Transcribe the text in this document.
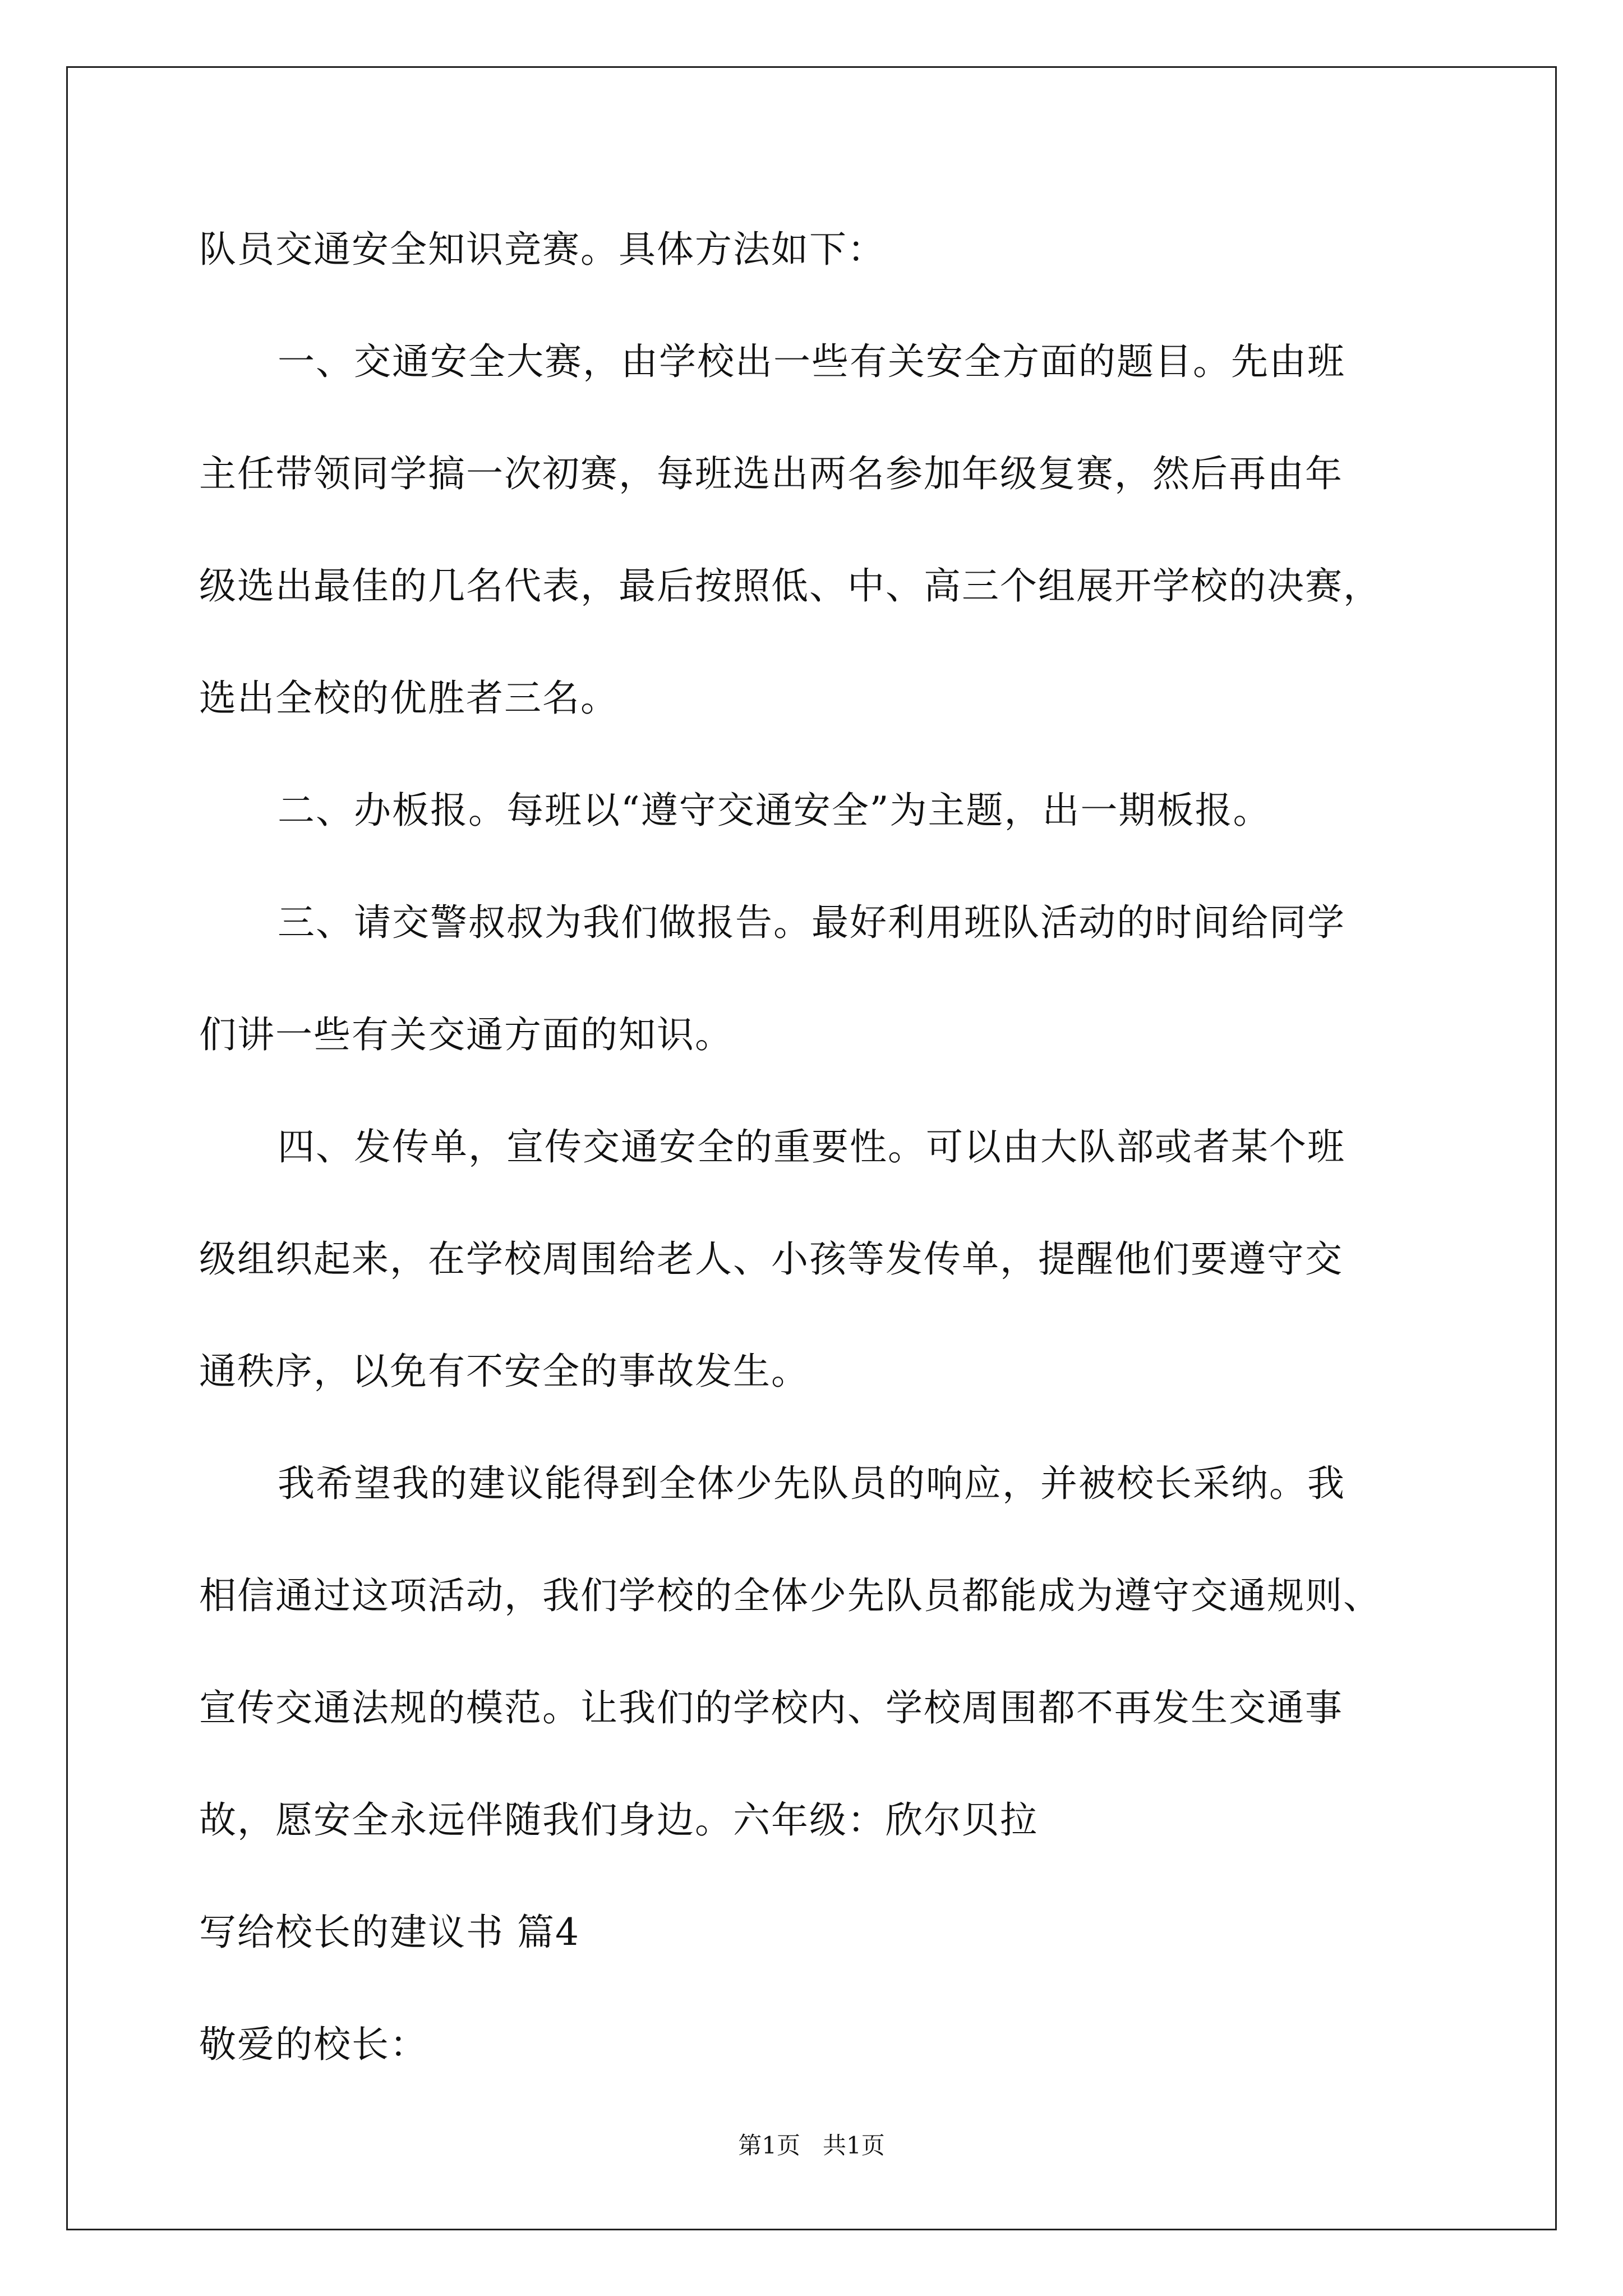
队员交通安全知识竞赛。具体方法如下：

一、交通安全大赛，由学校出一些有关安全方面的题目。先由班

主任带领同学搞一次初赛，每班选出两名参加年级复赛，然后再由年

级选出最佳的几名代表，最后按照低、中、高三个组展开学校的决赛，

选出全校的优胜者三名。

二、办板报。每班以“遵守交通安全”为主题，出一期板报。

三、请交警叔叔为我们做报告。最好利用班队活动的时间给同学

们讲一些有关交通方面的知识。

四、发传单，宣传交通安全的重要性。可以由大队部或者某个班

级组织起来，在学校周围给老人、小孩等发传单，提醒他们要遵守交

通秩序，以免有不安全的事故发生。

我希望我的建议能得到全体少先队员的响应，并被校长采纳。我

相信通过这项活动，我们学校的全体少先队员都能成为遵守交通规则、

宣传交通法规的模范。让我们的学校内、学校周围都不再发生交通事

故，愿安全永远伴随我们身边。六年级：欣尔贝拉

写给校长的建议书 篇4

敬爱的校长：

第1页   共1页
